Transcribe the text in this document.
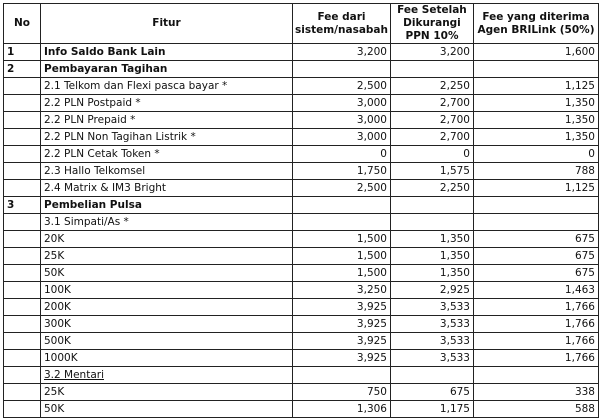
No	Fitur	Fee dari sistem/nasabah	Fee Setelah Dikurangi PPN 10%	Fee yang diterima Agen BRILink (50%)
1	Info Saldo Bank Lain	3,200	3,200	1,600
2	Pembayaran Tagihan			
	2.1 Telkom dan Flexi pasca bayar *	2,500	2,250	1,125
	2.2 PLN Postpaid *	3,000	2,700	1,350
	2.2 PLN Prepaid *	3,000	2,700	1,350
	2.2 PLN Non Tagihan Listrik *	3,000	2,700	1,350
	2.2 PLN Cetak Token *	0	0	0
	2.3 Hallo Telkomsel	1,750	1,575	788
	2.4 Matrix & IM3 Bright	2,500	2,250	1,125
3	Pembelian Pulsa			
	3.1 Simpati/As *			
	20K	1,500	1,350	675
	25K	1,500	1,350	675
	50K	1,500	1,350	675
	100K	3,250	2,925	1,463
	200K	3,925	3,533	1,766
	300K	3,925	3,533	1,766
	500K	3,925	3,533	1,766
	1000K	3,925	3,533	1,766
	3.2 Mentari			
	25K	750	675	338
	50K	1,306	1,175	588
